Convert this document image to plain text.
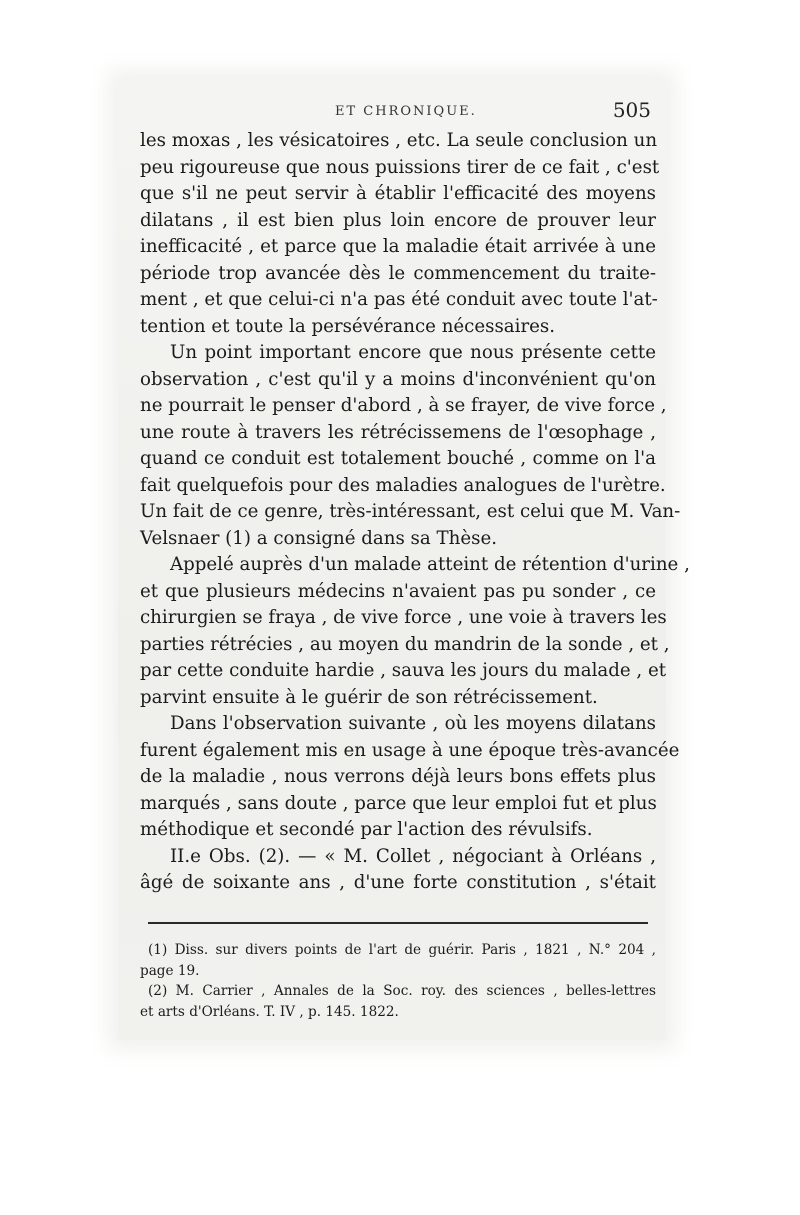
ET CHRONIQUE.	505
les moxas , les vésicatoires , etc. La seule conclusion un
peu rigoureuse que nous puissions tirer de ce fait , c'est
que s'il ne peut servir à établir l'efficacité des moyens
dilatans , il est bien plus loin encore de prouver leur
inefficacité , et parce que la maladie était arrivée à une
période trop avancée dès le commencement du traite-
ment , et que celui-ci n'a pas été conduit avec toute l'at-
tention et toute la persévérance nécessaires.
Un point important encore que nous présente cette
observation , c'est qu'il y a moins d'inconvénient qu'on
ne pourrait le penser d'abord , à se frayer, de vive force ,
une route à travers les rétrécissemens de l'œsophage ,
quand ce conduit est totalement bouché , comme on l'a
fait quelquefois pour des maladies analogues de l'urètre.
Un fait de ce genre, très-intéressant, est celui que M. Van-
Velsnaer (1) a consigné dans sa Thèse.
Appelé auprès d'un malade atteint de rétention d'urine ,
et que plusieurs médecins n'avaient pas pu sonder , ce
chirurgien se fraya , de vive force , une voie à travers les
parties rétrécies , au moyen du mandrin de la sonde , et ,
par cette conduite hardie , sauva les jours du malade , et
parvint ensuite à le guérir de son rétrécissement.
Dans l'observation suivante , où les moyens dilatans
furent également mis en usage à une époque très-avancée
de la maladie , nous verrons déjà leurs bons effets plus
marqués , sans doute , parce que leur emploi fut et plus
méthodique et secondé par l'action des révulsifs.
II.e Obs. (2). — « M. Collet , négociant à Orléans ,
âgé de soixante ans , d'une forte constitution , s'était
(1) Diss. sur divers points de l'art de guérir. Paris , 1821 , N.° 204 ,
page 19.
(2) M. Carrier , Annales de la Soc. roy. des sciences , belles-lettres
et arts d'Orléans. T. IV , p. 145. 1822.
